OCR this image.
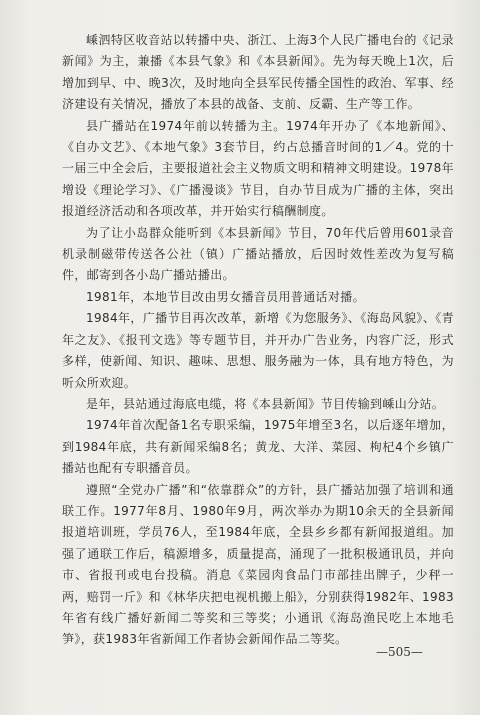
嵊泗特区收音站以转播中央、浙江、上海3个人民广播电台的《记录新闻》为主，兼播《本县气象》和《本县新闻》。先为每天晚上1次，后增加到早、中、晚3次，及时地向全县军民传播全国性的政治、军事、经济建设有关情况，播放了本县的战备、支前、反霸、生产等工作。

县广播站在1974年前以转播为主。1974年开办了《本地新闻》、《自办文艺》、《本地气象》3套节目，约占总播音时间的1／4。党的十一届三中全会后，主要报道社会主义物质文明和精神文明建设。1978年增设《理论学习》、《广播漫谈》节目，自办节目成为广播的主体，突出报道经济活动和各项改革，并开始实行稿酬制度。

为了让小岛群众能听到《本县新闻》节目，70年代后曾用601录音机录制磁带传送各公社（镇）广播站播放，后因时效性差改为复写稿件，邮寄到各小岛广播站播出。

1981年，本地节目改由男女播音员用普通话对播。

1984年，广播节目再次改革，新增《为您服务》、《海岛风貌》、《青年之友》、《报刊文选》等专题节目，并开办广告业务，内容广泛，形式多样，使新闻、知识、趣味、思想、服务融为一体，具有地方特色，为听众所欢迎。

是年，县站通过海底电缆，将《本县新闻》节目传输到嵊山分站。

1974年首次配备1名专职采编，1975年增至3名，以后逐年增加，到1984年底，共有新闻采编8名；黄龙、大洋、菜园、枸杞4个乡镇广播站也配有专职播音员。

遵照“全党办广播”和“依靠群众”的方针，县广播站加强了培训和通联工作。1977年8月、1980年9月，两次举办为期10余天的全县新闻报道培训班，学员76人，至1984年底，全县乡乡都有新闻报道组。加强了通联工作后，稿源增多，质量提高，涌现了一批积极通讯员，并向市、省报刊或电台投稿。消息《菜园肉食品门市部挂出牌子，少秤一两，赔罚一斤》和《林华庆把电视机搬上船》，分别获得1982年、1983年省有线广播好新闻二等奖和三等奖；小通讯《海岛渔民吃上本地毛笋》，获1983年省新闻工作者协会新闻作品二等奖。

—505—
